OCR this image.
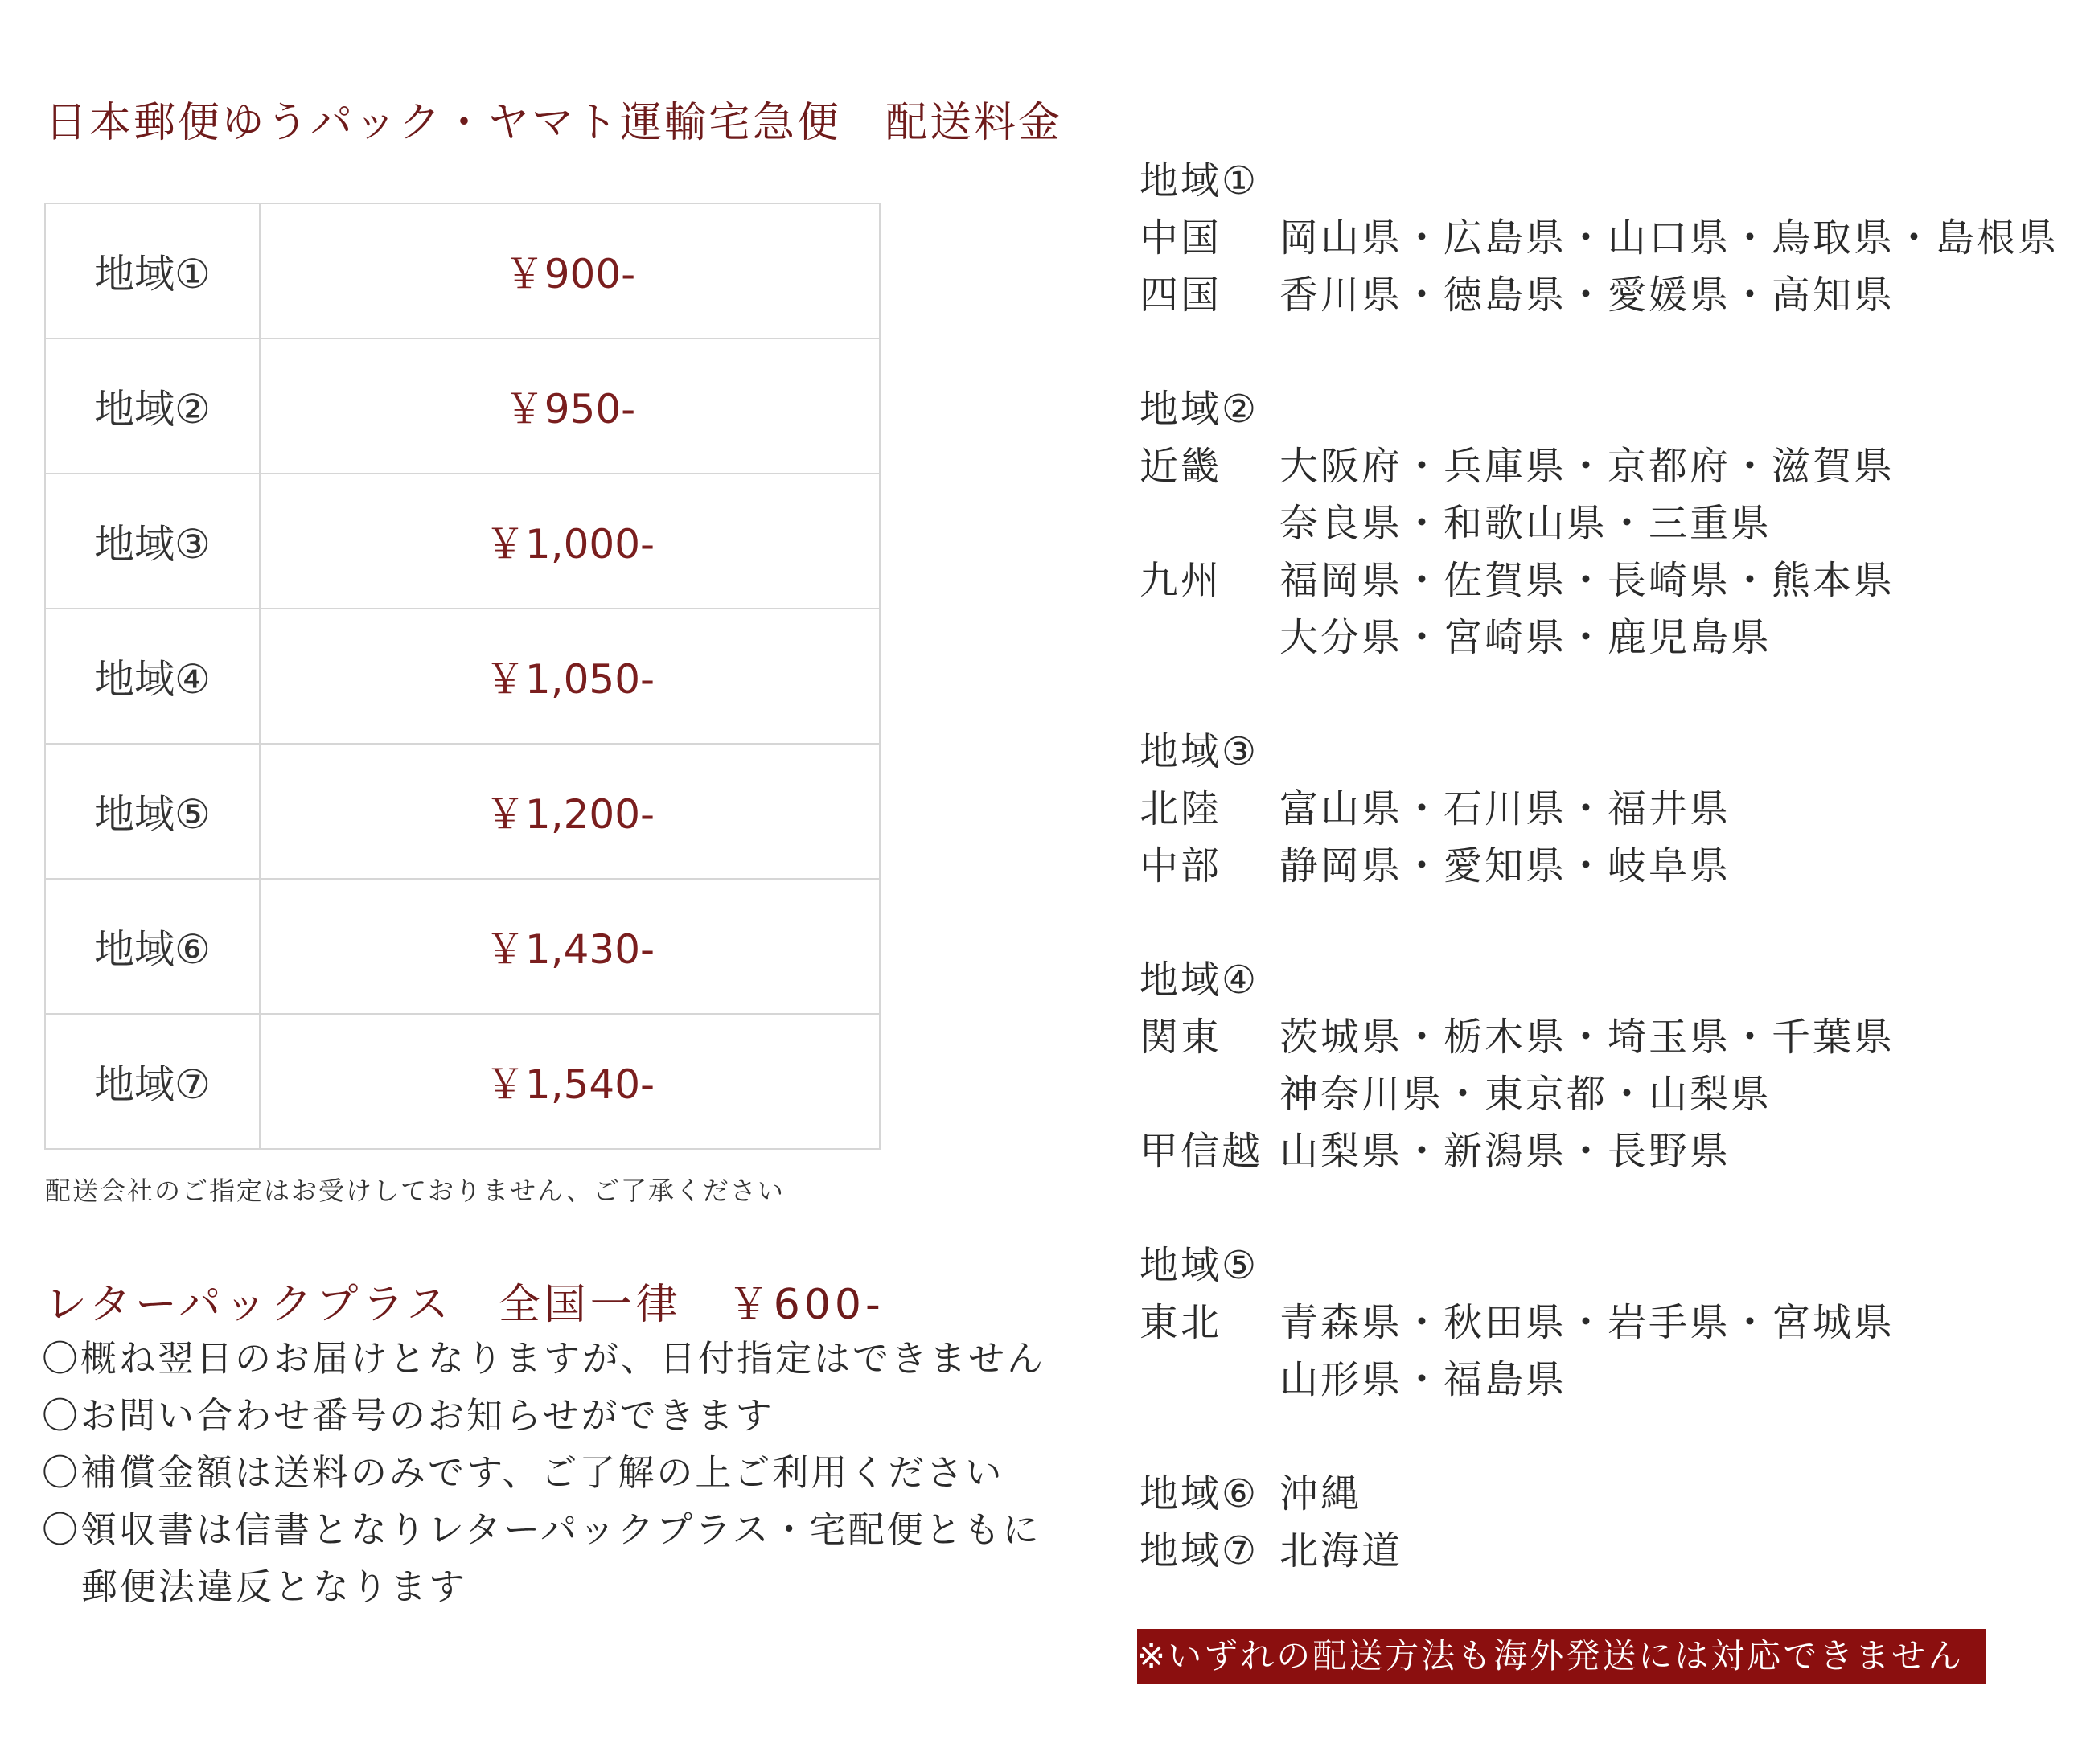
日本郵便ゆうパック・ヤマト運輸宅急便　配送料金
地域①	￥900-
地域②	￥950-
地域③	￥1,000-
地域④	￥1,050-
地域⑤	￥1,200-
地域⑥	￥1,430-
地域⑦	￥1,540-

配送会社のご指定はお受けしておりません、ご了承ください

レターパックプラス　全国一律　￥600-
〇概ね翌日のお届けとなりますが、日付指定はできません
〇お問い合わせ番号のお知らせができます
〇補償金額は送料のみです、ご了解の上ご利用ください
〇領収書は信書となりレターパックプラス・宅配便ともに
郵便法違反となります
地域①
中国	岡山県・広島県・山口県・鳥取県・島根県
四国	香川県・徳島県・愛媛県・高知県
地域②
近畿	大阪府・兵庫県・京都府・滋賀県
奈良県・和歌山県・三重県
九州	福岡県・佐賀県・長崎県・熊本県
大分県・宮崎県・鹿児島県
地域③
北陸	富山県・石川県・福井県
中部	静岡県・愛知県・岐阜県
地域④
関東	茨城県・栃木県・埼玉県・千葉県
神奈川県・東京都・山梨県
甲信越 山梨県・新潟県・長野県
地域⑤
東北	青森県・秋田県・岩手県・宮城県
山形県・福島県
地域⑥ 沖縄
地域⑦ 北海道
※いずれの配送方法も海外発送には対応できません
